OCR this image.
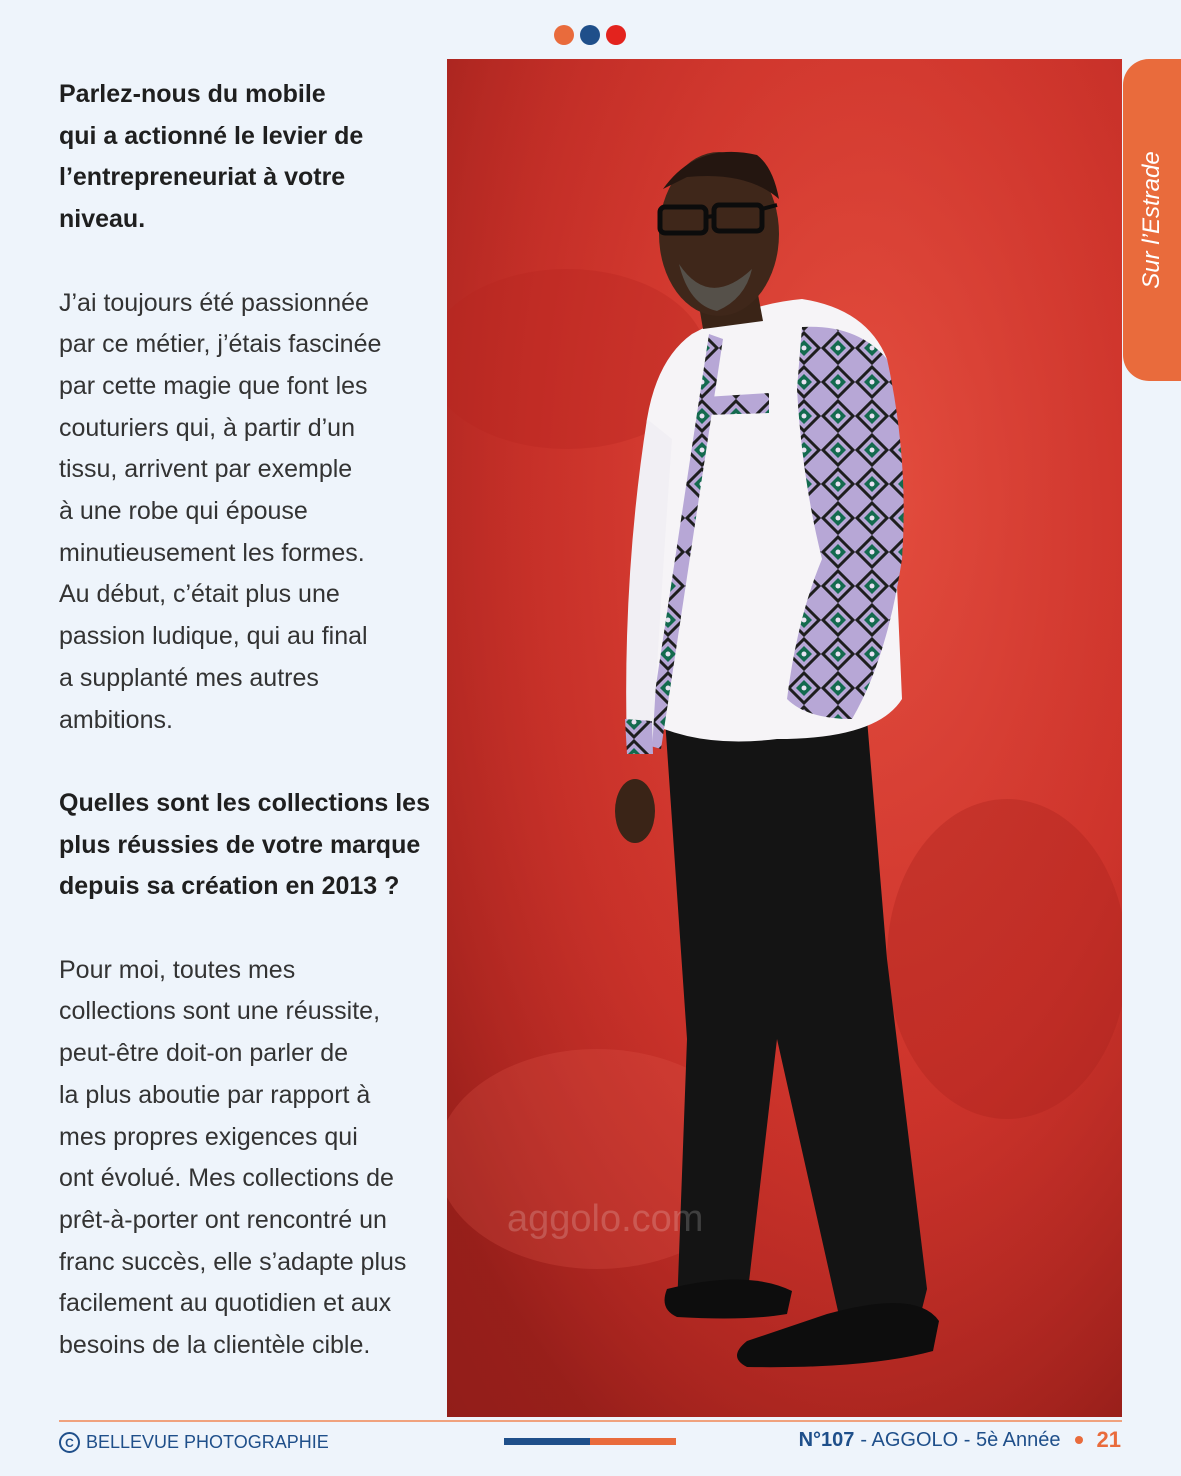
Parlez-nous du mobile
qui a actionné le levier de
l’entrepreneuriat à votre
niveau.

J’ai toujours été passionnée
par ce métier, j’étais fascinée
par cette magie que font les
couturiers qui, à partir d’un
tissu, arrivent par exemple
à une robe qui épouse
minutieusement les formes.
Au début, c’était plus une
passion ludique, qui au final
a supplanté mes autres
ambitions.

Quelles sont les collections les
plus réussies de votre marque
depuis sa création en 2013 ?

Pour moi, toutes mes
collections sont une réussite,
peut-être doit-on parler de
la plus aboutie par rapport à
mes propres exigences qui
ont évolué. Mes collections de
prêt-à-porter ont rencontré un
franc succès, elle s’adapte plus
facilement au quotidien et aux
besoins de la clientèle cible.

aggolo.com
Sur l’Estrade
C BELLEVUE PHOTOGRAPHIE	N°107 - AGGOLO - 5è Année 21
